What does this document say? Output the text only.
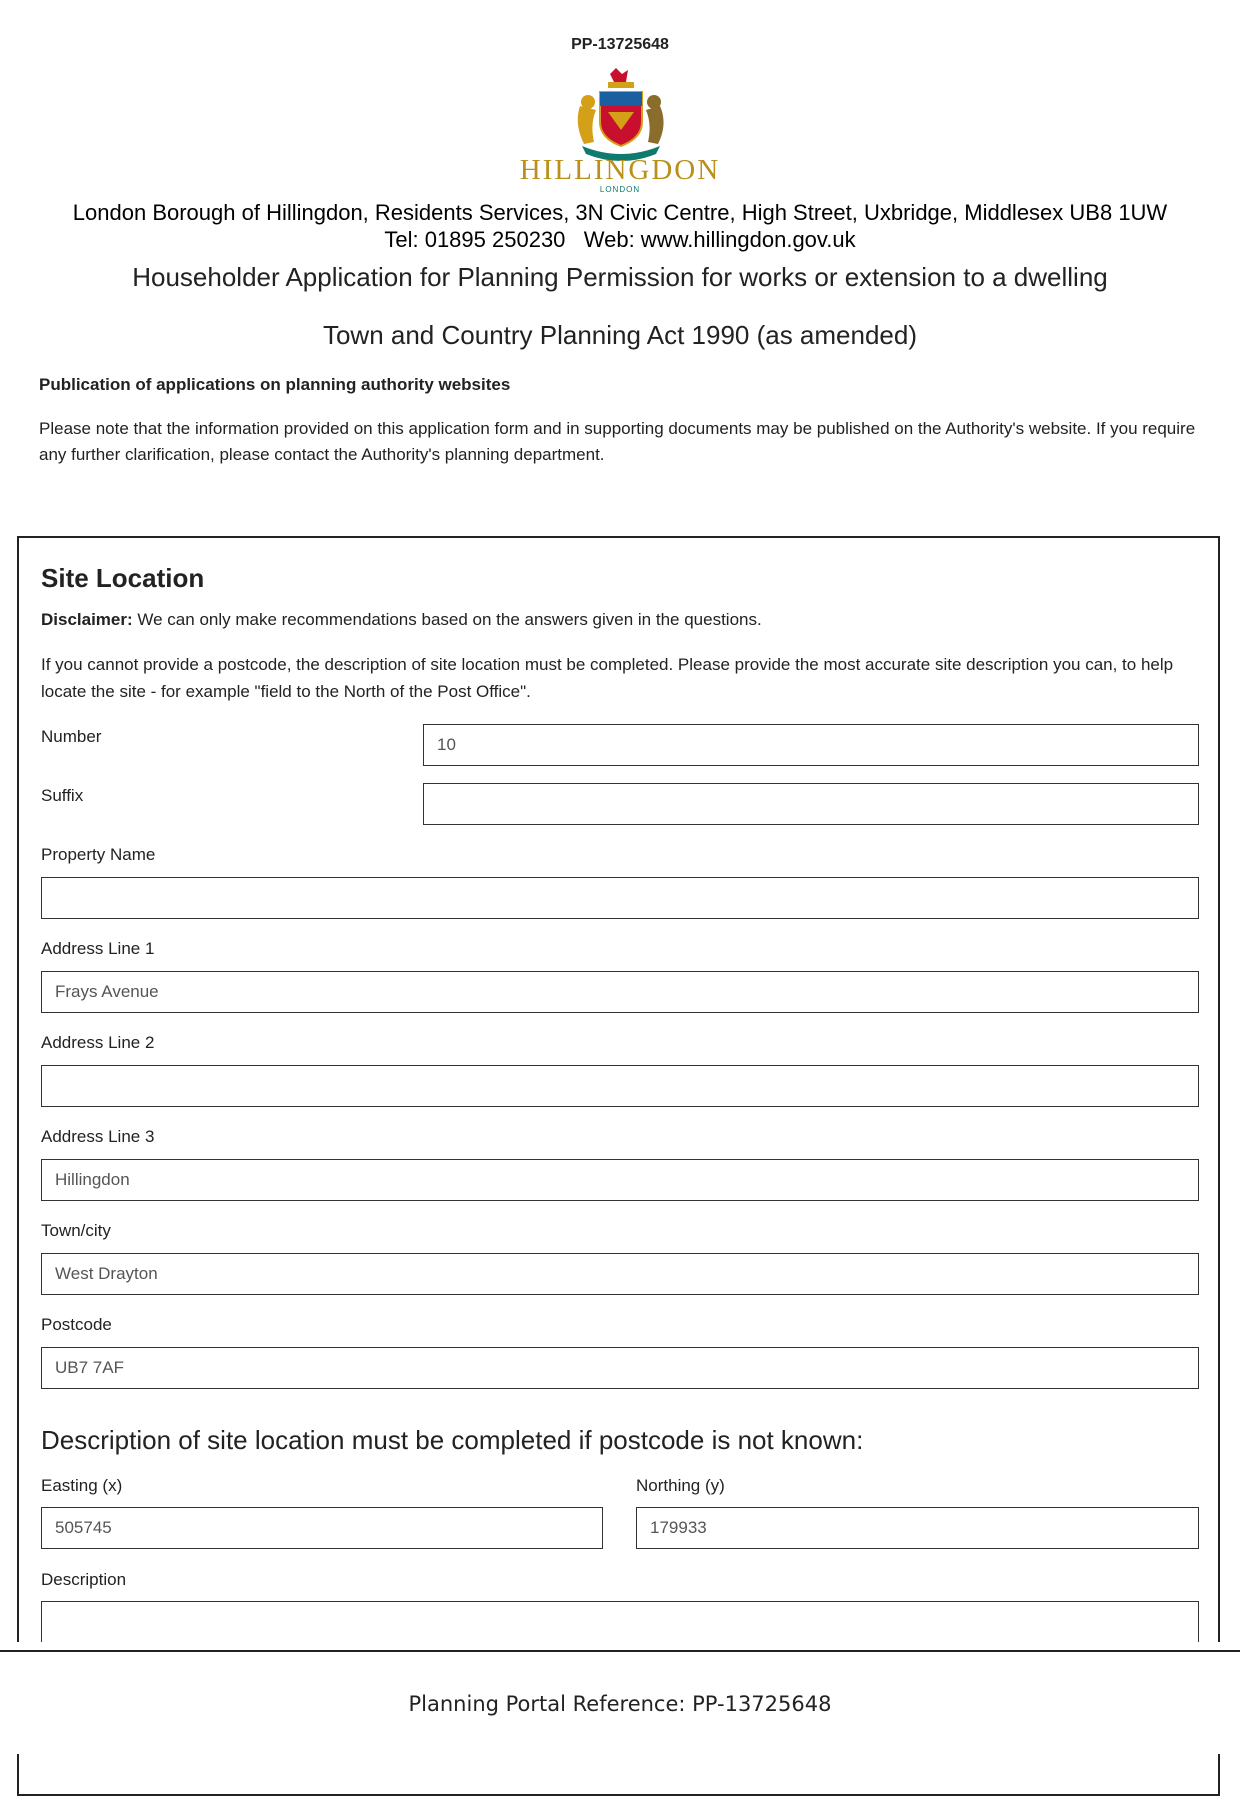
PP-13725648
HILLINGDON
LONDON
London Borough of Hillingdon, Residents Services, 3N Civic Centre, High Street, Uxbridge, Middlesex UB8 1UW
Tel: 01895 250230   Web: www.hillingdon.gov.uk
Householder Application for Planning Permission for works or extension to a dwelling
Town and Country Planning Act 1990 (as amended)
Publication of applications on planning authority websites
Please note that the information provided on this application form and in supporting documents may be published on the Authority's website. If you require any further clarification, please contact the Authority's planning department.
Site Location
Disclaimer: We can only make recommendations based on the answers given in the questions.
If you cannot provide a postcode, the description of site location must be completed. Please provide the most accurate site description you can, to help locate the site - for example "field to the North of the Post Office".
Number	10
Suffix
Property Name
Address Line 1
Frays Avenue
Address Line 2
Address Line 3
Hillingdon
Town/city
West Drayton
Postcode
UB7 7AF
Description of site location must be completed if postcode is not known:
Easting (x)
505745
Northing (y)
179933
Description
Planning Portal Reference: PP-13725648
